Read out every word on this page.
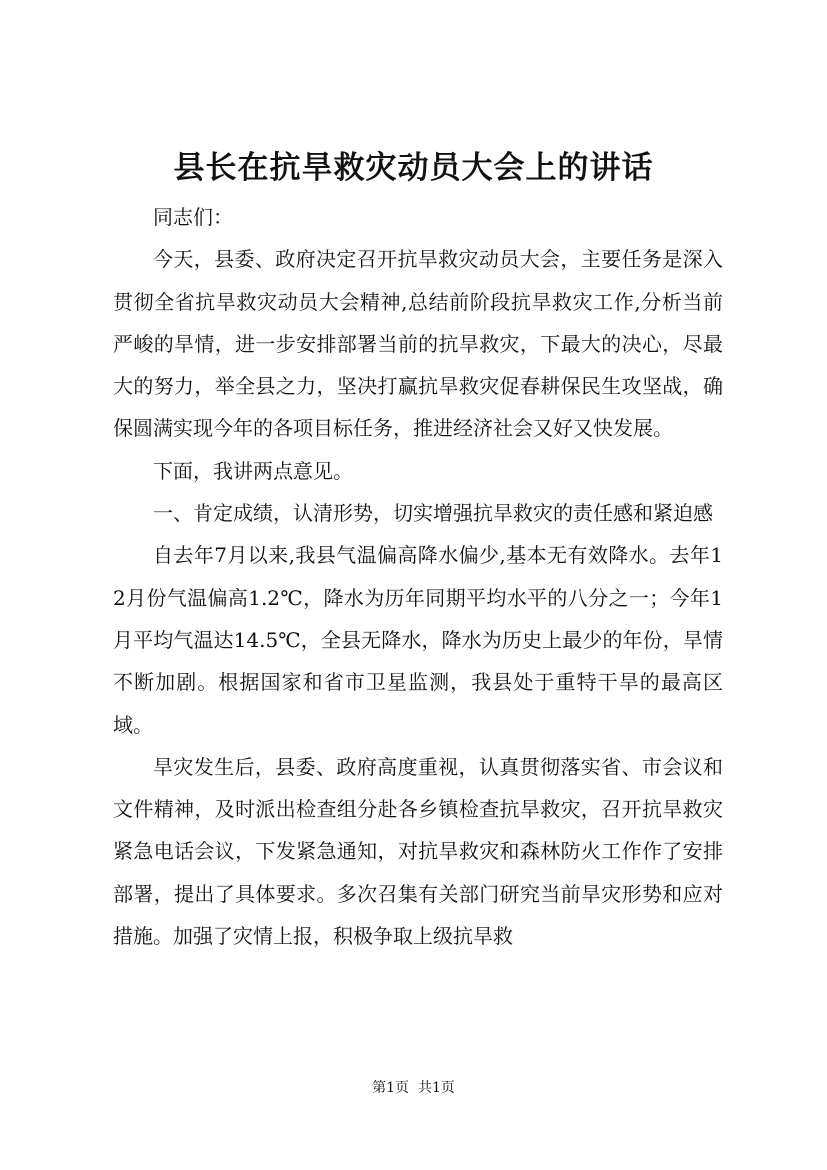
县长在抗旱救灾动员大会上的讲话

同志们：

今天，县委、政府决定召开抗旱救灾动员大会，主要任务是深入贯彻全省抗旱救灾动员大会精神,总结前阶段抗旱救灾工作,分析当前严峻的旱情，进一步安排部署当前的抗旱救灾，下最大的决心，尽最大的努力，举全县之力，坚决打赢抗旱救灾促春耕保民生攻坚战，确保圆满实现今年的各项目标任务，推进经济社会又好又快发展。

下面，我讲两点意见。

一、肯定成绩，认清形势，切实增强抗旱救灾的责任感和紧迫感

自去年7月以来,我县气温偏高降水偏少,基本无有效降水。去年12月份气温偏高1.2℃，降水为历年同期平均水平的八分之一；今年1月平均气温达14.5℃，全县无降水，降水为历史上最少的年份，旱情不断加剧。根据国家和省市卫星监测，我县处于重特干旱的最高区域。

旱灾发生后，县委、政府高度重视，认真贯彻落实省、市会议和文件精神，及时派出检查组分赴各乡镇检查抗旱救灾，召开抗旱救灾紧急电话会议，下发紧急通知，对抗旱救灾和森林防火工作作了安排部署，提出了具体要求。多次召集有关部门研究当前旱灾形势和应对措施。加强了灾情上报，积极争取上级抗旱救

第1页  共1页
